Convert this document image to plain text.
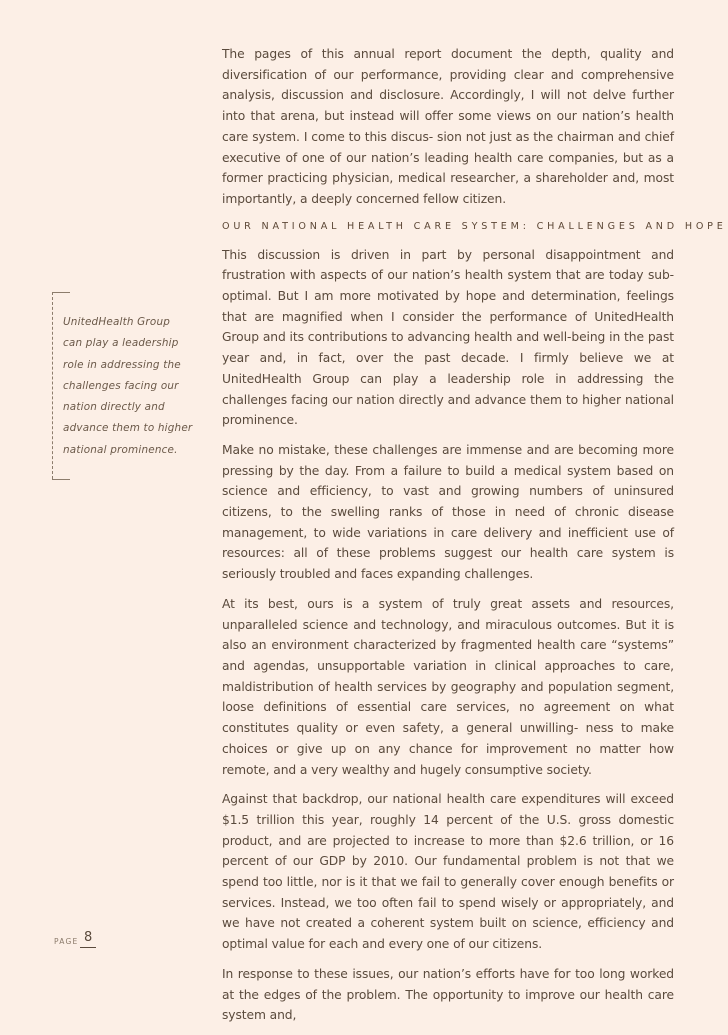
The pages of this annual report document the depth, quality and diversification of our performance, providing clear and comprehensive analysis, discussion and disclosure. Accordingly, I will not delve further into that arena, but instead will offer some views on our nation’s health care system. I come to this discus- sion not just as the chairman and chief executive of one of our nation’s leading health care companies, but as a former practicing physician, medical researcher, a shareholder and, most importantly, a deeply concerned fellow citizen.

OUR NATIONAL HEALTH CARE SYSTEM: CHALLENGES AND HOPE

This discussion is driven in part by personal disappointment and frustration with aspects of our nation’s health system that are today sub-optimal. But I am more motivated by hope and determination, feelings that are magnified when I consider the performance of UnitedHealth Group and its contributions to advancing health and well-being in the past year and, in fact, over the past decade. I firmly believe we at UnitedHealth Group can play a leadership role in addressing the challenges facing our nation directly and advance them to higher national prominence.

Make no mistake, these challenges are immense and are becoming more pressing by the day. From a failure to build a medical system based on science and efficiency, to vast and growing numbers of uninsured citizens, to the swelling ranks of those in need of chronic disease management, to wide variations in care delivery and inefficient use of resources: all of these problems suggest our health care system is seriously troubled and faces expanding challenges.

At its best, ours is a system of truly great assets and resources, unparalleled science and technology, and miraculous outcomes. But it is also an environment characterized by fragmented health care “systems” and agendas, unsupportable variation in clinical approaches to care, maldistribution of health services by geography and population segment, loose definitions of essential care services, no agreement on what constitutes quality or even safety, a general unwilling- ness to make choices or give up on any chance for improvement no matter how remote, and a very wealthy and hugely consumptive society.

Against that backdrop, our national health care expenditures will exceed $1.5 trillion this year, roughly 14 percent of the U.S. gross domestic product, and are projected to increase to more than $2.6 trillion, or 16 percent of our GDP by 2010. Our fundamental problem is not that we spend too little, nor is it that we fail to generally cover enough benefits or services. Instead, we too often fail to spend wisely or appropriately, and we have not created a coherent system built on science, efficiency and optimal value for each and every one of our citizens.

In response to these issues, our nation’s efforts have for too long worked at the edges of the problem. The opportunity to improve our health care system and,

UnitedHealth Group
can play a leadership
role in addressing the
challenges facing our
nation directly and
advance them to higher
national prominence.
PAGE 8
